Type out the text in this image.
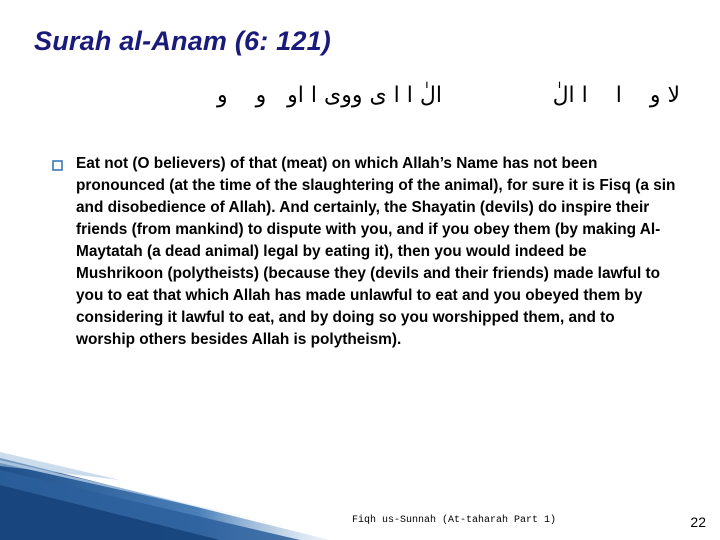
Surah al-Anam (6: 121)
لا و    ا    ا الٰ
الٰ ا ا ی ووی ا او   و    و

Eat not (O believers) of that (meat) on which Allah’s Name has not been pronounced (at the time of the slaughtering of the animal), for sure it is Fisq (a sin and disobedience of Allah). And certainly, the Shayatin (devils) do inspire their friends (from mankind) to dispute with you, and if you obey them (by making Al-Maytatah (a dead animal) legal by eating it), then you would indeed be Mushrikoon (polytheists) (because they (devils and their friends) made lawful to you to eat that which Allah has made unlawful to eat and you obeyed them by considering it lawful to eat, and by doing so you worshipped them, and to worship others besides Allah is polytheism).

Fiqh us-Sunnah (At-taharah Part 1)	22
